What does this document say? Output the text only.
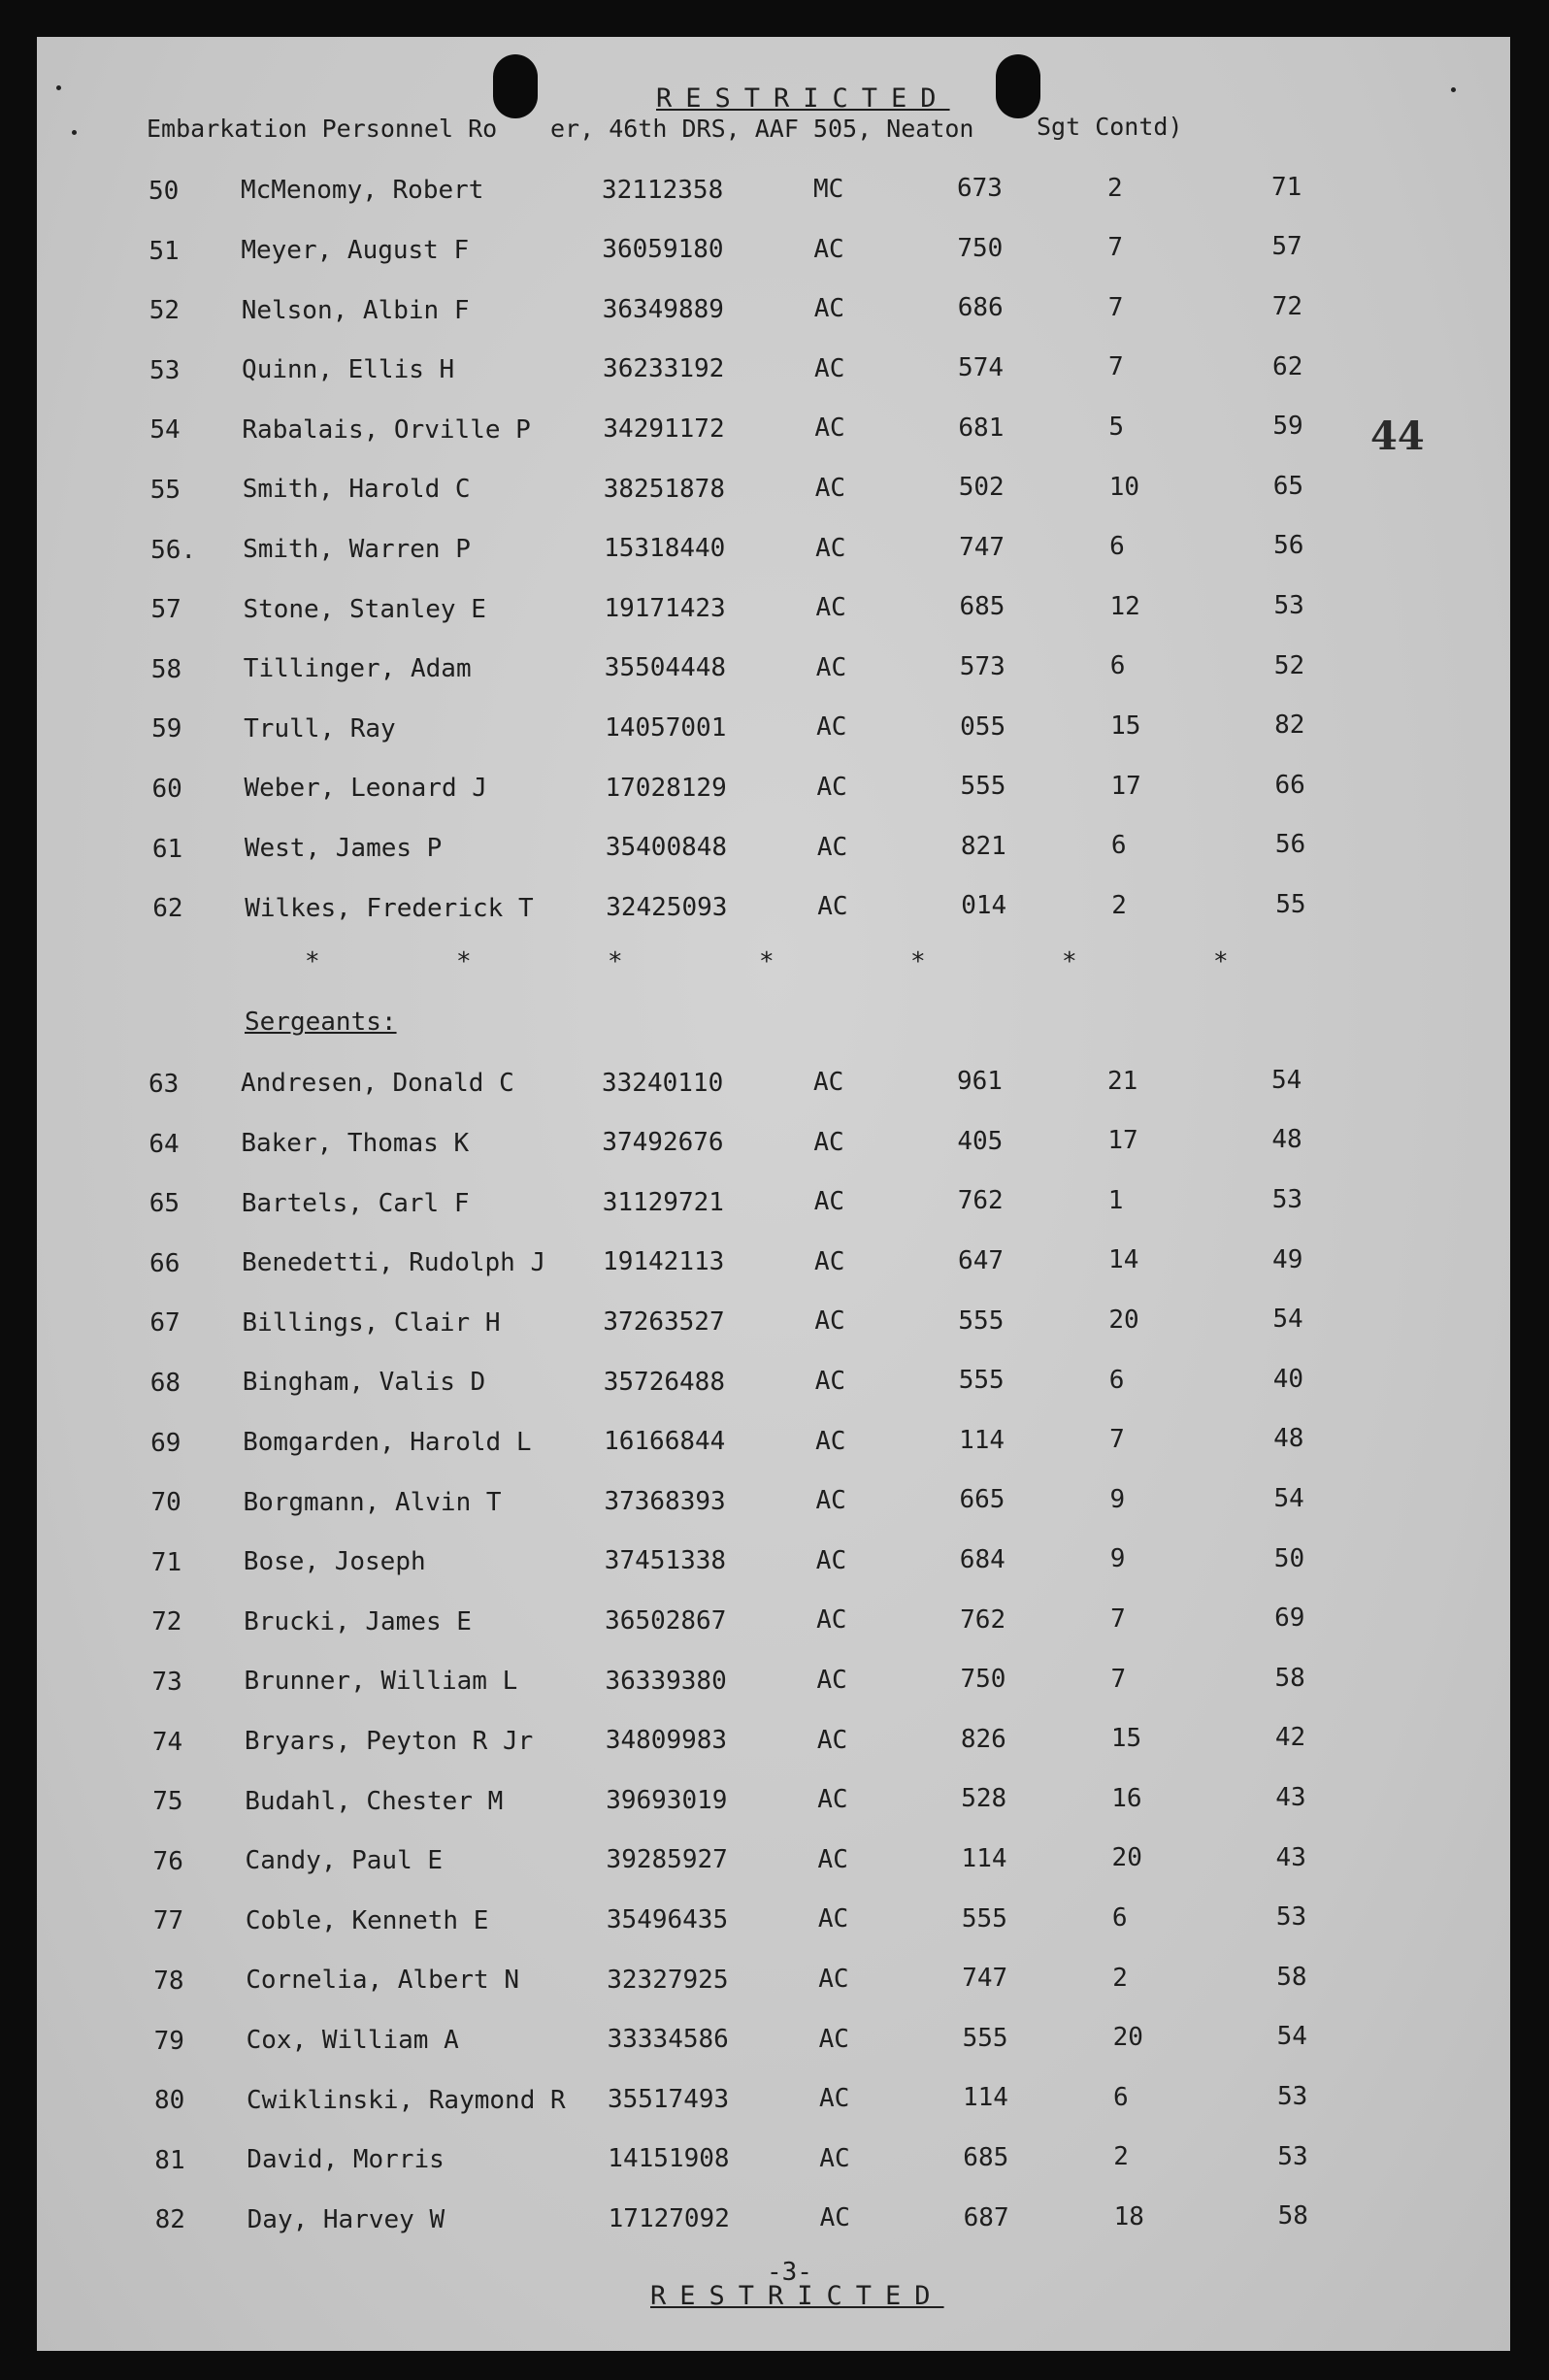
RESTRICTED
Embarkation Personnel Ro er, 46th DRS, AAF 505, Neaton	Sgt Contd)
44
50 McMenomy, Robert	32112358	MC	673	2	71
51 Meyer, August F	36059180	AC	750	7	57
52 Nelson, Albin F	36349889	AC	686	7	72
53 Quinn, Ellis H	36233192	AC	574	7	62
54 Rabalais, Orville P	34291172	AC	681	5	59
55 Smith, Harold C	38251878	AC	502	10	65
56. Smith, Warren P	15318440	AC	747	6	56
57 Stone, Stanley E	19171423	AC	685	12	53
58 Tillinger, Adam	35504448	AC	573	6	52
59 Trull, Ray	14057001	AC	055	15	82
60 Weber, Leonard J	17028129	AC	555	17	66
61 West, James P	35400848	AC	821	6	56
62 Wilkes, Frederick T	32425093	AC	014	2	55
*	*	*	*	*	*	*
Sergeants:
63 Andresen, Donald C	33240110	AC	961	21	54
64 Baker, Thomas K	37492676	AC	405	17	48
65 Bartels, Carl F	31129721	AC	762	1	53
66 Benedetti, Rudolph J 19142113	AC	647	14	49
67 Billings, Clair H	37263527	AC	555	20	54
68 Bingham, Valis D	35726488	AC	555	6	40
69 Bomgarden, Harold L	16166844	AC	114	7	48
70 Borgmann, Alvin T	37368393	AC	665	9	54
71 Bose, Joseph	37451338	AC	684	9	50
72 Brucki, James E	36502867	AC	762	7	69
73 Brunner, William L	36339380	AC	750	7	58
74 Bryars, Peyton R Jr	34809983	AC	826	15	42
75 Budahl, Chester M	39693019	AC	528	16	43
76 Candy, Paul E	39285927	AC	114	20	43
77 Coble, Kenneth E	35496435	AC	555	6	53
78 Cornelia, Albert N	32327925	AC	747	2	58
79 Cox, William A	33334586	AC	555	20	54
80 Cwiklinski, Raymond R 35517493	AC	114	6	53
81 David, Morris	14151908	AC	685	2	53
82 Day, Harvey W	17127092	AC	687	18	58
-3-
RESTRICTED
